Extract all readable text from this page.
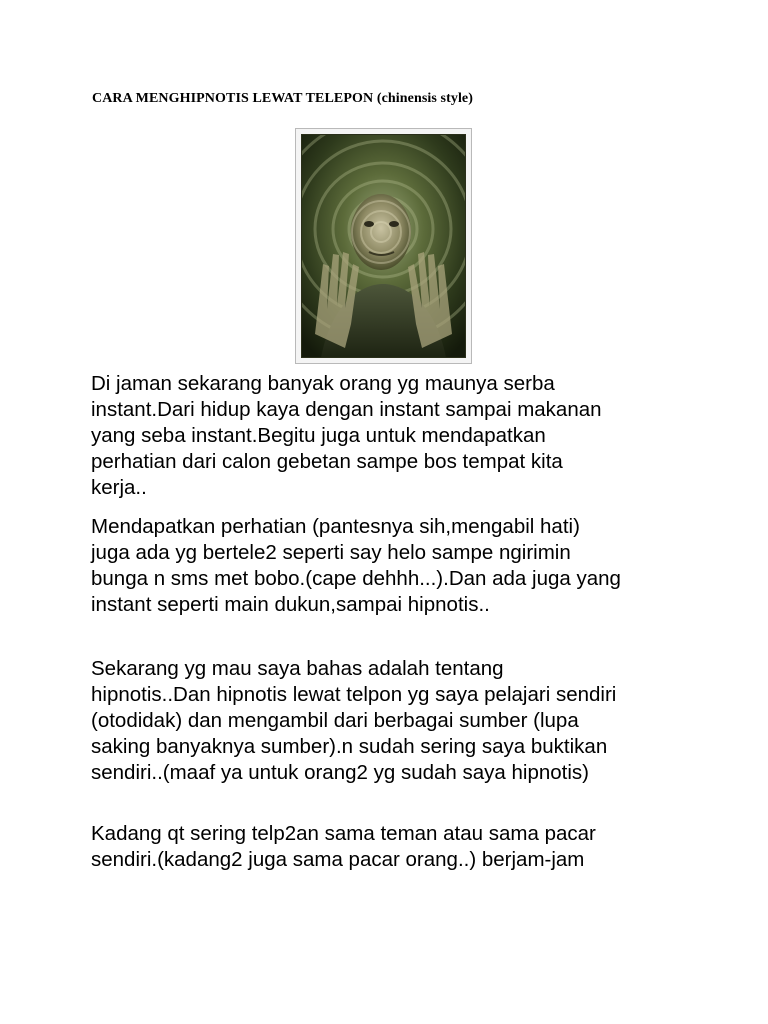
CARA MENGHIPNOTIS LEWAT TELEPON (chinensis style)
Di jaman sekarang banyak orang yg maunya serba
instant.Dari hidup kaya dengan instant sampai makanan
yang seba instant.Begitu juga untuk mendapatkan
perhatian dari calon gebetan sampe bos tempat kita
kerja..
Mendapatkan perhatian (pantesnya sih,mengabil hati)
juga ada yg bertele2 seperti say helo sampe ngirimin
bunga n sms met bobo.(cape dehhh...).Dan ada juga yang
instant seperti main dukun,sampai hipnotis..
Sekarang yg mau saya bahas adalah tentang
hipnotis..Dan hipnotis lewat telpon yg saya pelajari sendiri
(otodidak) dan mengambil dari berbagai sumber (lupa
saking banyaknya sumber).n sudah sering saya buktikan
sendiri..(maaf ya untuk orang2 yg sudah saya hipnotis)
Kadang qt sering telp2an sama teman atau sama pacar
sendiri.(kadang2 juga sama pacar orang..) berjam-jam
